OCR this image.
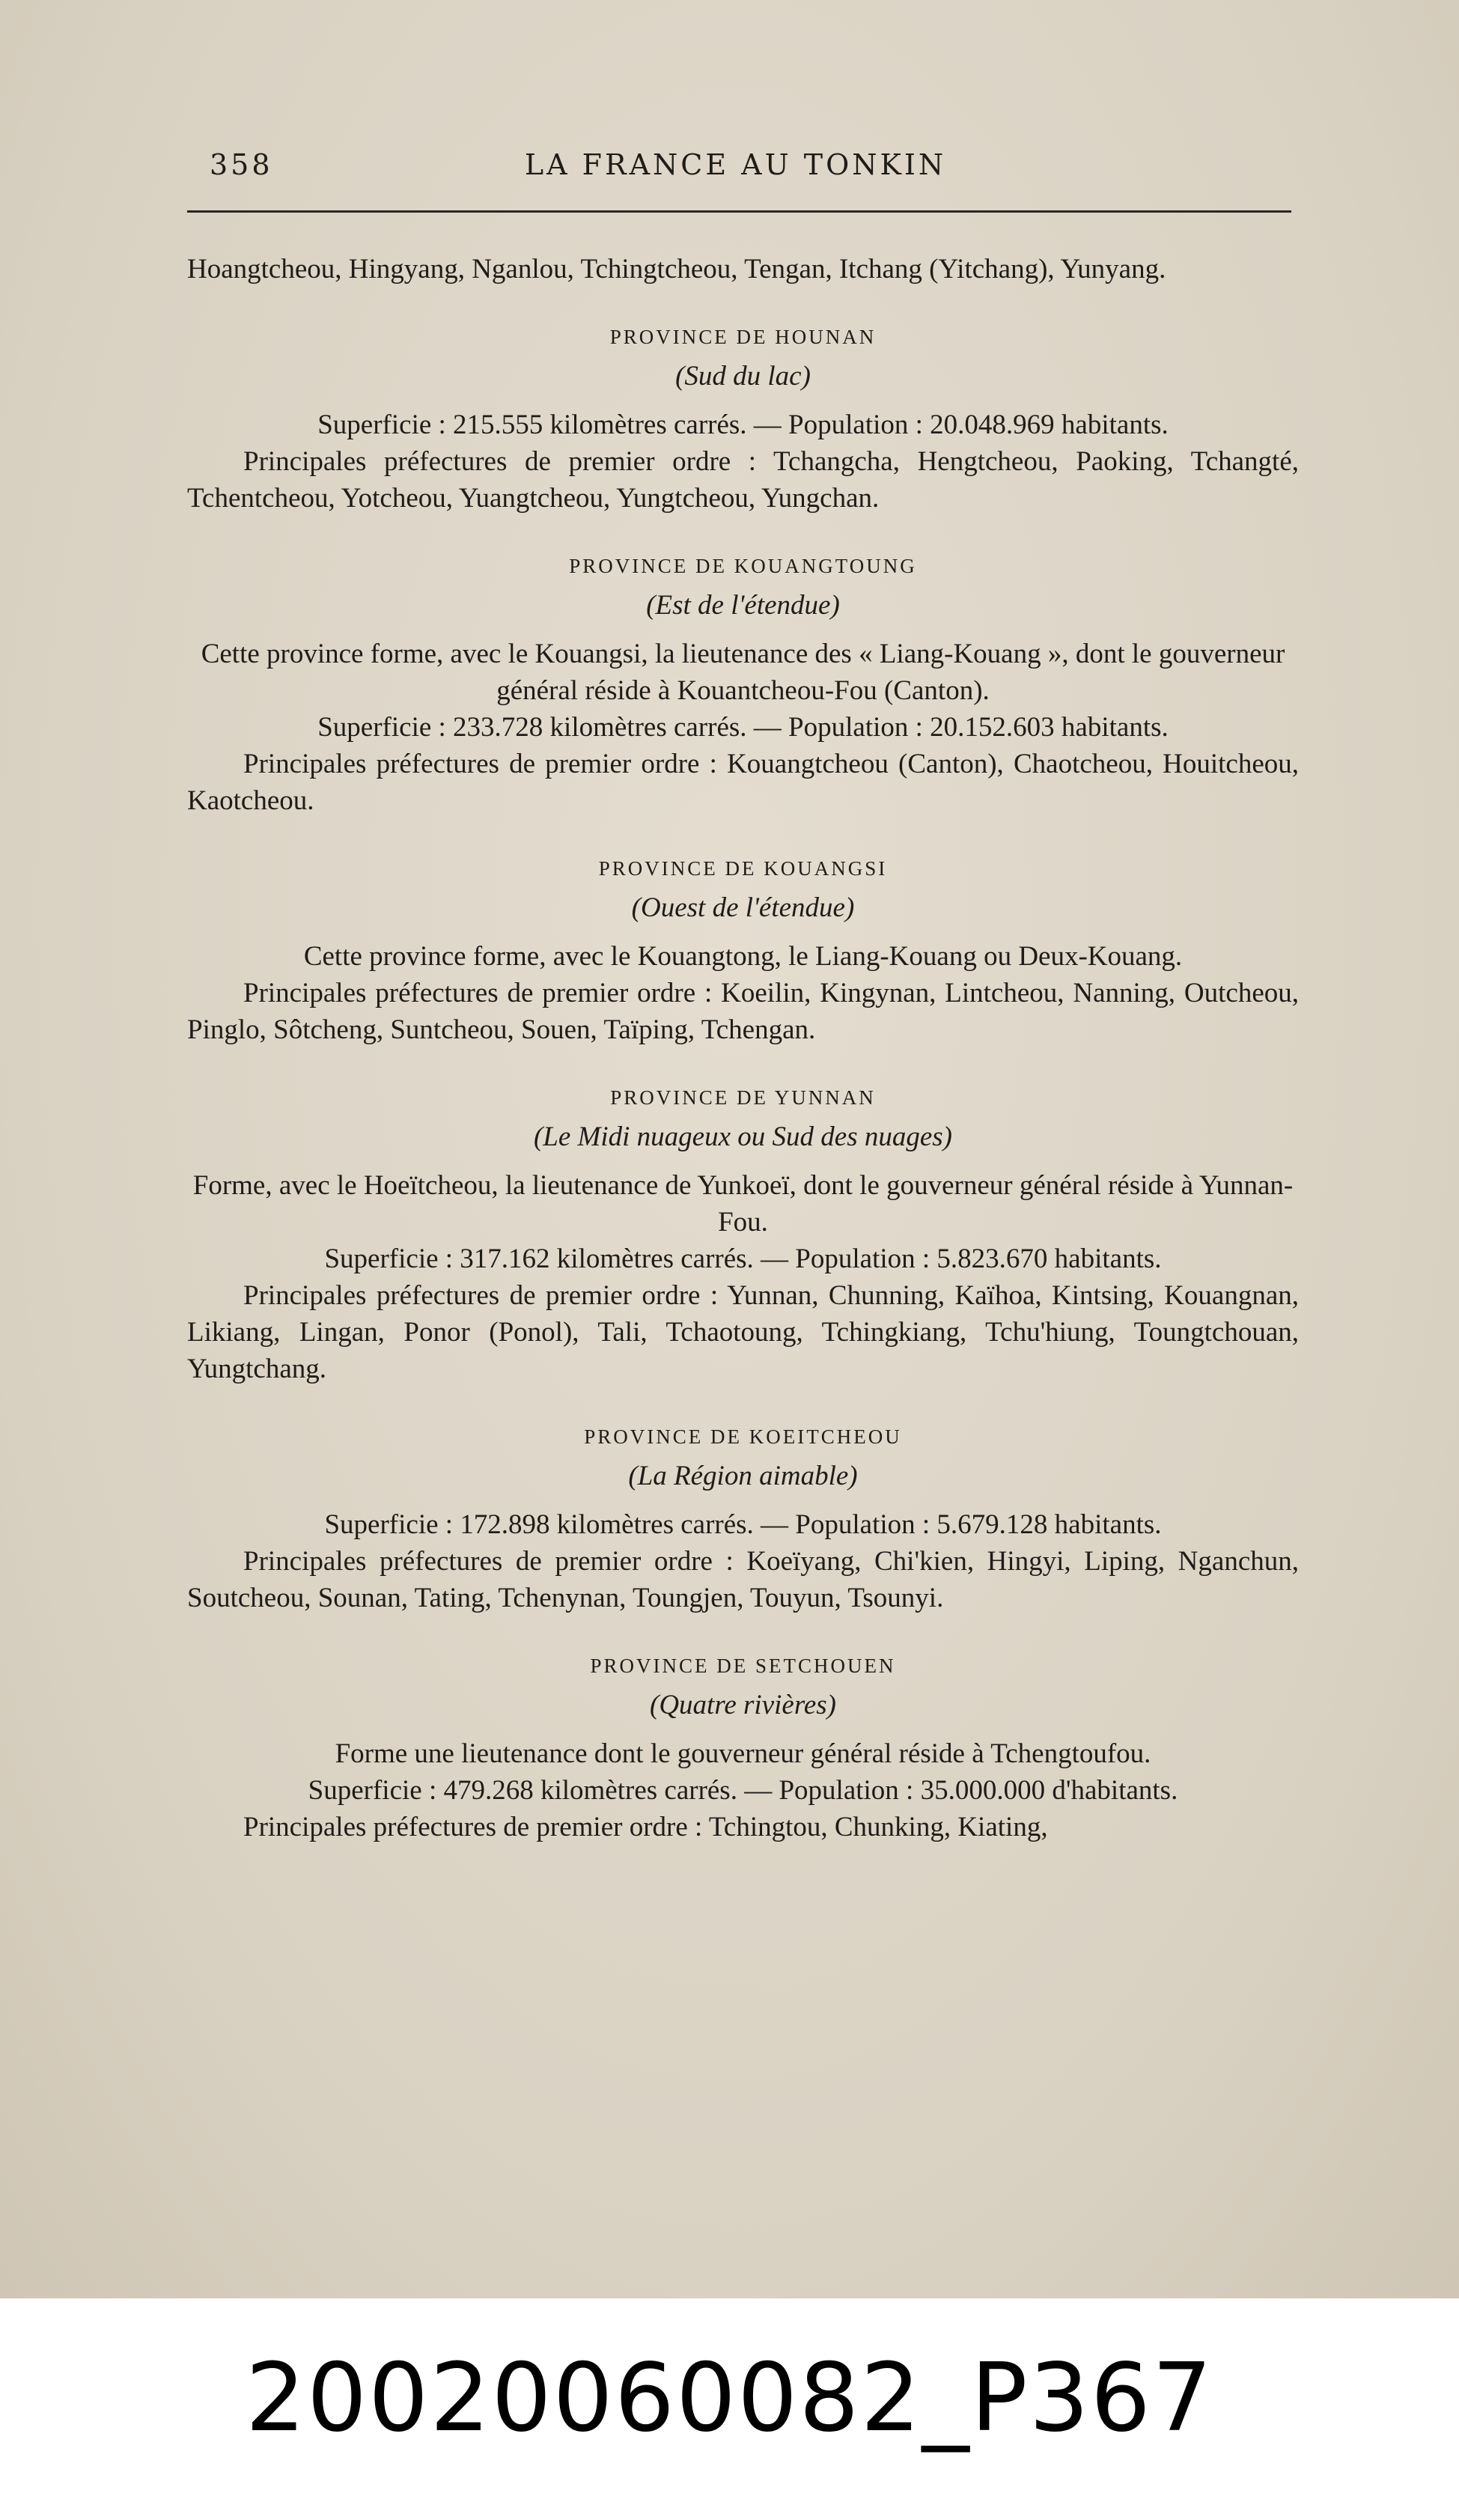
358	LA FRANCE AU TONKIN

Hoangtcheou, Hingyang, Nganlou, Tchingtcheou, Tengan, Itchang (Yitchang), Yunyang.

PROVINCE DE HOUNAN
(Sud du lac)

Superficie : 215.555 kilomètres carrés. — Population : 20.048.969 habitants.

Principales préfectures de premier ordre : Tchangcha, Hengtcheou, Paoking, Tchangté, Tchentcheou, Yotcheou, Yuangtcheou, Yungtcheou, Yungchan.

PROVINCE DE KOUANGTOUNG
(Est de l'étendue)

Cette province forme, avec le Kouangsi, la lieutenance des « Liang-Kouang », dont le gouverneur général réside à Kouantcheou-Fou (Canton).

Superficie : 233.728 kilomètres carrés. — Population : 20.152.603 habitants.

Principales préfectures de premier ordre : Kouangtcheou (Canton), Chaotcheou, Houitcheou, Kaotcheou.

PROVINCE DE KOUANGSI
(Ouest de l'étendue)

Cette province forme, avec le Kouangtong, le Liang-Kouang ou Deux-Kouang.

Principales préfectures de premier ordre : Koeilin, Kingynan, Lintcheou, Nanning, Outcheou, Pinglo, Sôtcheng, Suntcheou, Souen, Taïping, Tchengan.

PROVINCE DE YUNNAN
(Le Midi nuageux ou Sud des nuages)

Forme, avec le Hoeïtcheou, la lieutenance de Yunkoeï, dont le gouverneur général réside à Yunnan-Fou.

Superficie : 317.162 kilomètres carrés. — Population : 5.823.670 habitants.

Principales préfectures de premier ordre : Yunnan, Chunning, Kaïhoa, Kintsing, Kouangnan, Likiang, Lingan, Ponor (Ponol), Tali, Tchaotoung, Tchingkiang, Tchu'hiung, Toungtchouan, Yungtchang.

PROVINCE DE KOEITCHEOU
(La Région aimable)

Superficie : 172.898 kilomètres carrés. — Population : 5.679.128 habitants.

Principales préfectures de premier ordre : Koeïyang, Chi'kien, Hingyi, Liping, Nganchun, Soutcheou, Sounan, Tating, Tchenynan, Toungjen, Touyun, Tsounyi.

PROVINCE DE SETCHOUEN
(Quatre rivières)

Forme une lieutenance dont le gouverneur général réside à Tchengtoufou.

Superficie : 479.268 kilomètres carrés. — Population : 35.000.000 d'habitants.

Principales préfectures de premier ordre : Tchingtou, Chunking, Kiating,

20020060082_P367
